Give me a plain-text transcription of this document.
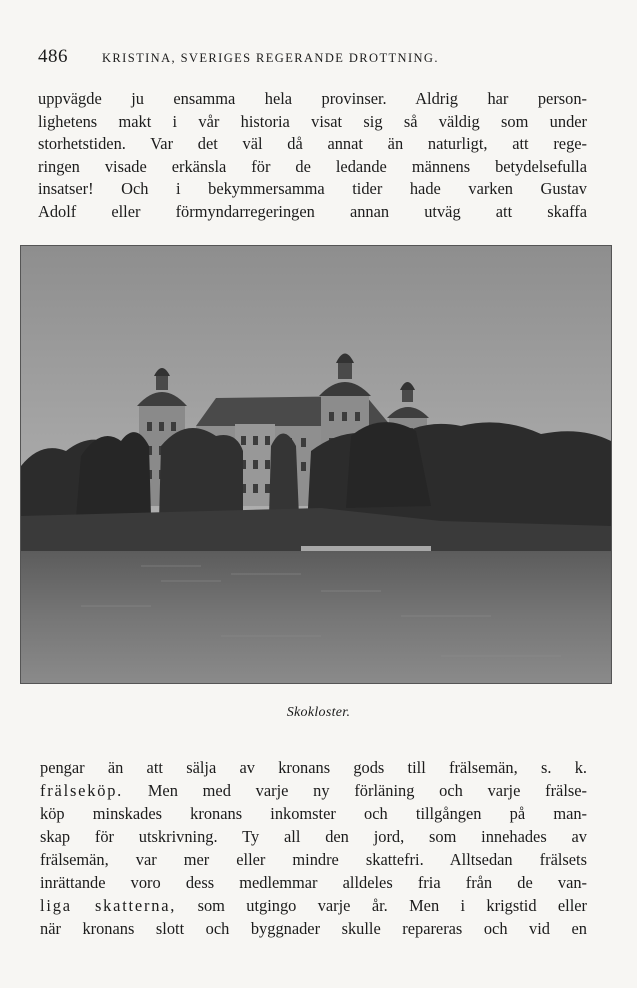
486	KRISTINA, SVERIGES REGERANDE DROTTNING.
uppvägde ju ensamma hela provinser. Aldrig har person-
lighetens makt i vår historia visat sig så väldig som under
storhetstiden. Var det väl då annat än naturligt, att rege-
ringen visade erkänsla för de ledande männens betydelsefulla
insatser! Och i bekymmersamma tider hade varken Gustav
Adolf eller förmyndarregeringen annan utväg att skaffa
Skokloster.
pengar än att sälja av kronans gods till frälsemän, s. k.
frälseköp. Men med varje ny förläning och varje frälse-
köp minskades kronans inkomster och tillgången på man-
skap för utskrivning. Ty all den jord, som innehades av
frälsemän, var mer eller mindre skattefri. Alltsedan frälsets
inrättande voro dess medlemmar alldeles fria från de van-
liga skatterna, som utgingo varje år. Men i krigstid eller
när kronans slott och byggnader skulle repareras och vid en
